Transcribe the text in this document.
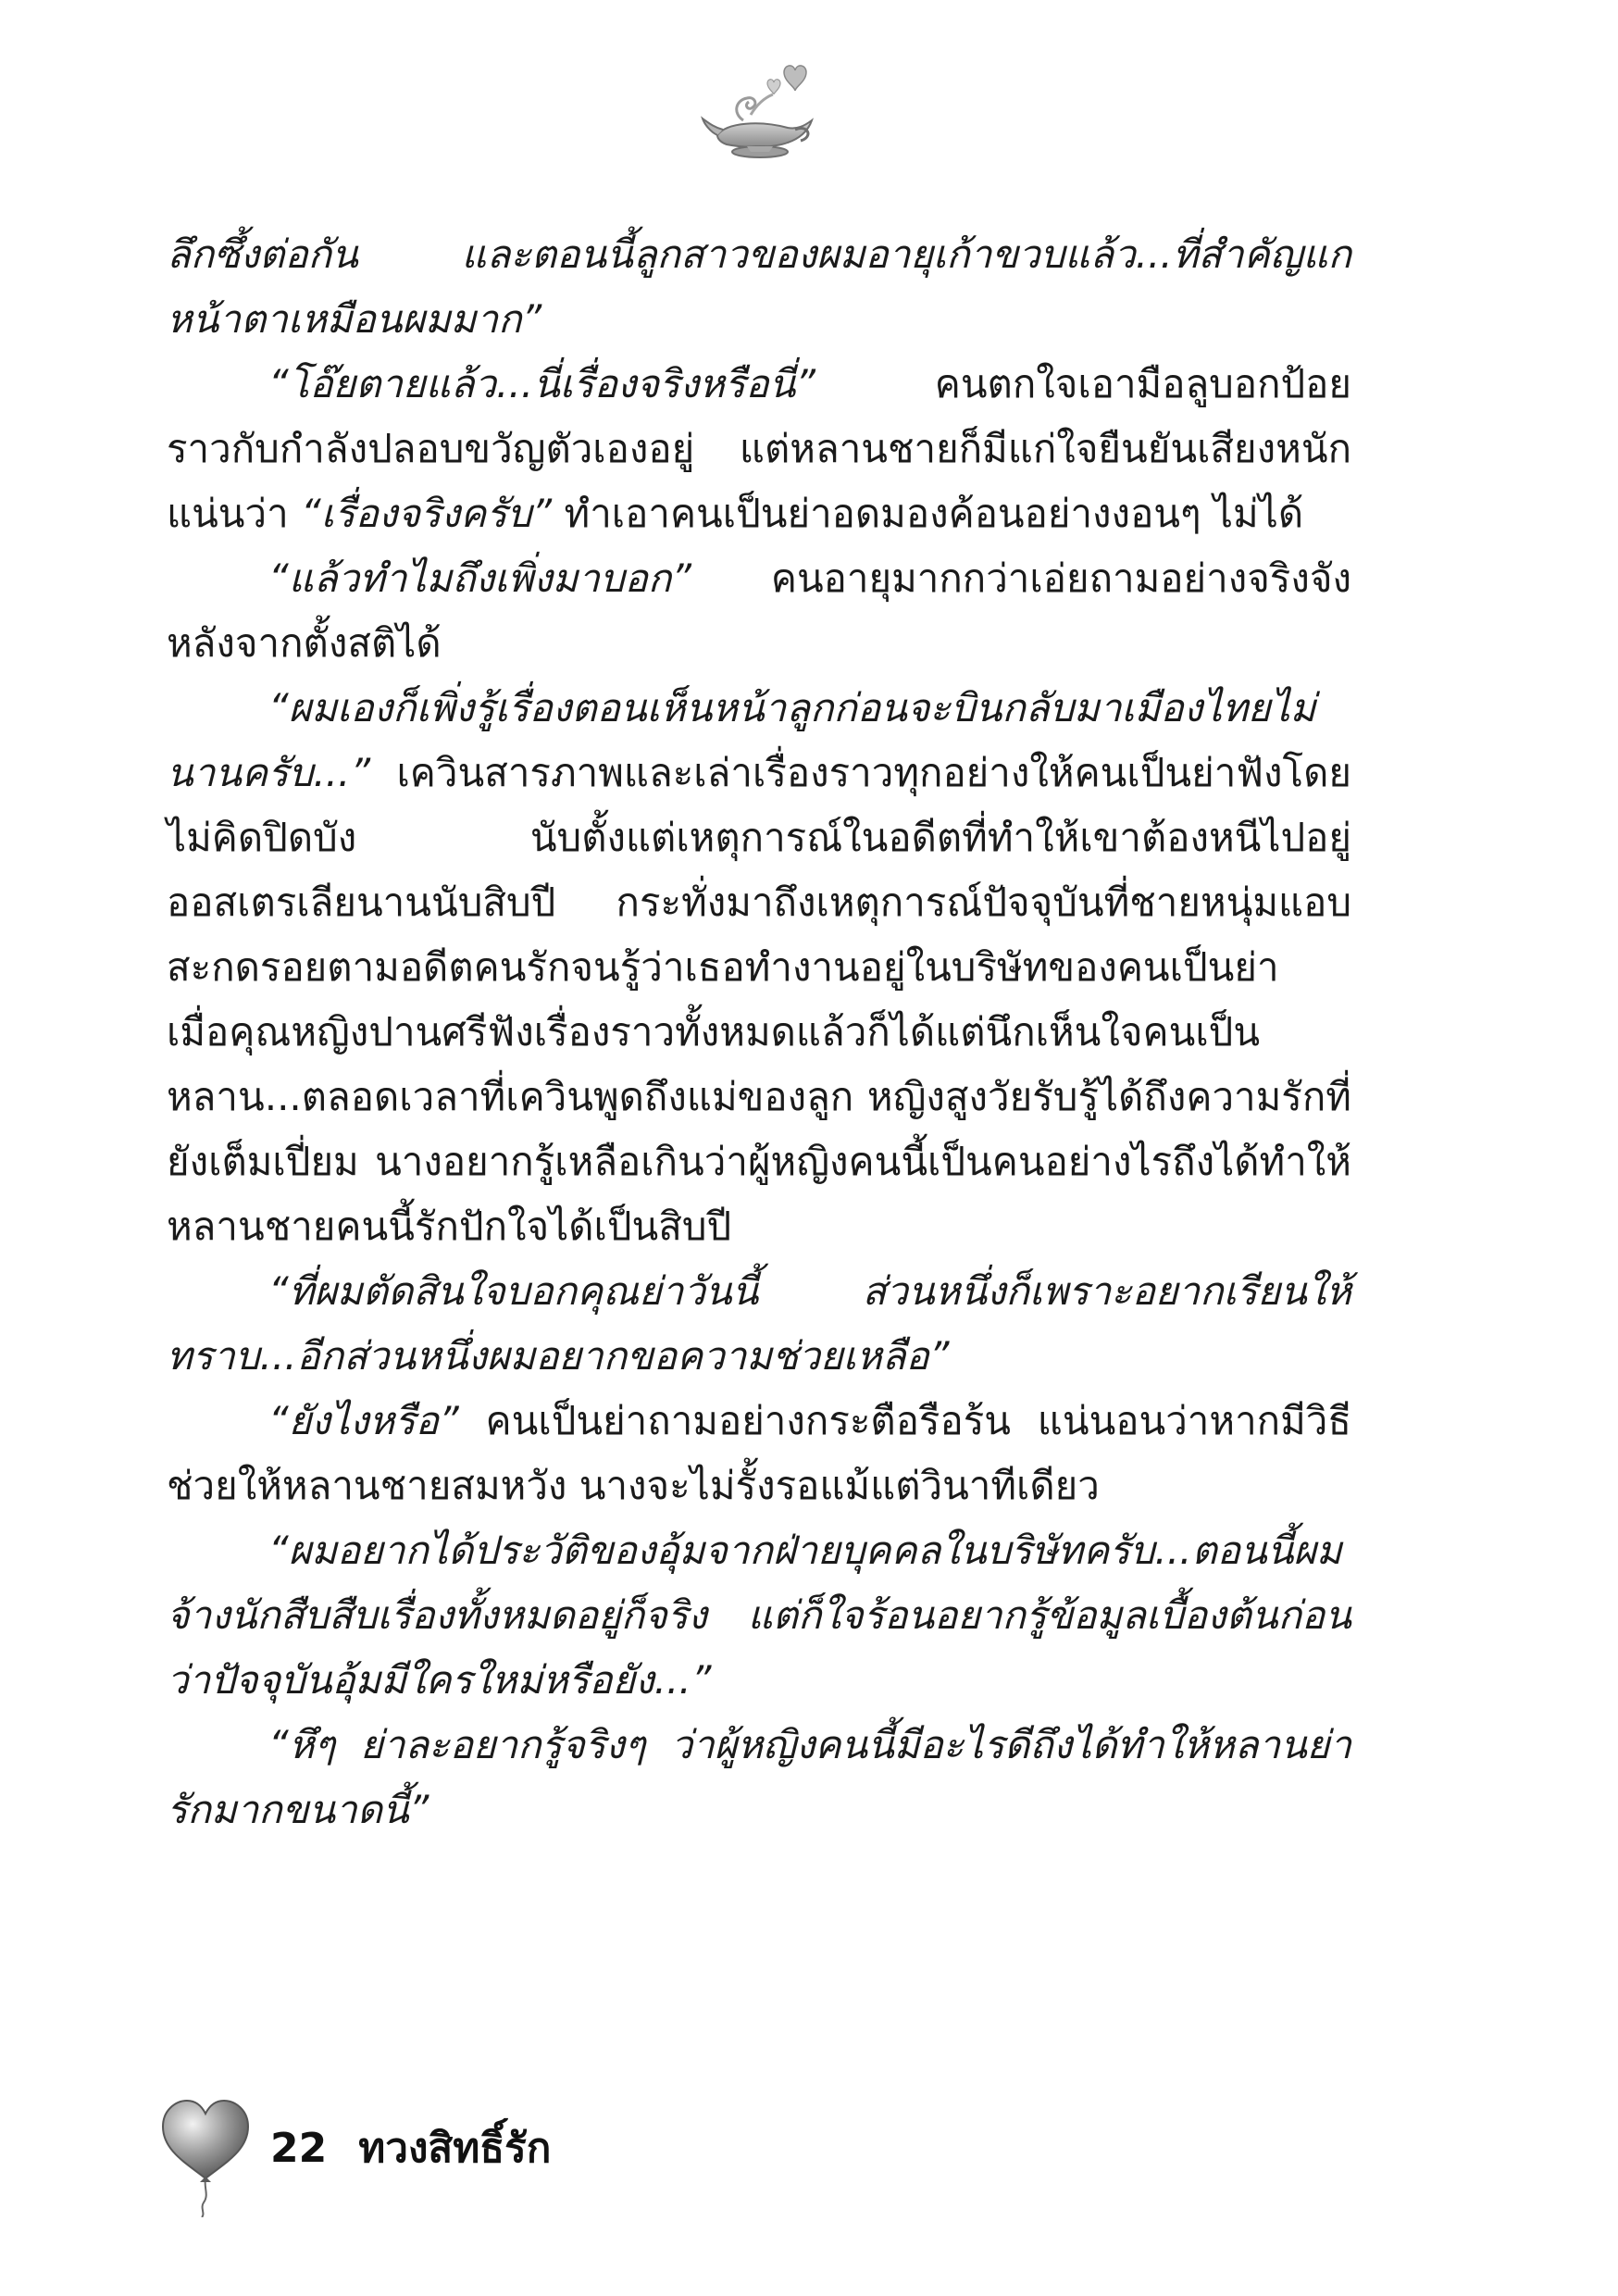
ลึกซึ้งต่อกัน และตอนนี้ลูกสาวของผมอายุเก้าขวบแล้ว...ที่สำคัญแกหน้าตาเหมือนผมมาก”

“โอ๊ยตายแล้ว...นี่เรื่องจริงหรือนี่” คนตกใจเอามือลูบอกป้อยราวกับกำลังปลอบขวัญตัวเองอยู่ แต่หลานชายก็มีแก่ใจยืนยันเสียงหนักแน่นว่า “เรื่องจริงครับ” ทำเอาคนเป็นย่าอดมองค้อนอย่างงอนๆ ไม่ได้

“แล้วทำไมถึงเพิ่งมาบอก” คนอายุมากกว่าเอ่ยถามอย่างจริงจังหลังจากตั้งสติได้

“ผมเองก็เพิ่งรู้เรื่องตอนเห็นหน้าลูกก่อนจะบินกลับมาเมืองไทยไม่นานครับ...” เควินสารภาพและเล่าเรื่องราวทุกอย่างให้คนเป็นย่าฟังโดยไม่คิดปิดบัง นับตั้งแต่เหตุการณ์ในอดีตที่ทำให้เขาต้องหนีไปอยู่ออสเตรเลียนานนับสิบปี กระทั่งมาถึงเหตุการณ์ปัจจุบันที่ชายหนุ่มแอบสะกดรอยตามอดีตคนรักจนรู้ว่าเธอทำงานอยู่ในบริษัทของคนเป็นย่า เมื่อคุณหญิงปานศรีฟังเรื่องราวทั้งหมดแล้วก็ได้แต่นึกเห็นใจคนเป็นหลาน...ตลอดเวลาที่เควินพูดถึงแม่ของลูก หญิงสูงวัยรับรู้ได้ถึงความรักที่ยังเต็มเปี่ยม นางอยากรู้เหลือเกินว่าผู้หญิงคนนี้เป็นคนอย่างไรถึงได้ทำให้หลานชายคนนี้รักปักใจได้เป็นสิบปี

“ที่ผมตัดสินใจบอกคุณย่าวันนี้ ส่วนหนึ่งก็เพราะอยากเรียนให้ทราบ...อีกส่วนหนึ่งผมอยากขอความช่วยเหลือ”

“ยังไงหรือ” คนเป็นย่าถามอย่างกระตือรือร้น แน่นอนว่าหากมีวิธีช่วยให้หลานชายสมหวัง นางจะไม่รั้งรอแม้แต่วินาทีเดียว

“ผมอยากได้ประวัติของอุ้มจากฝ่ายบุคคลในบริษัทครับ...ตอนนี้ผมจ้างนักสืบสืบเรื่องทั้งหมดอยู่ก็จริง แต่ก็ใจร้อนอยากรู้ข้อมูลเบื้องต้นก่อนว่าปัจจุบันอุ้มมีใครใหม่หรือยัง...”

“หึๆ ย่าละอยากรู้จริงๆ ว่าผู้หญิงคนนี้มีอะไรดีถึงได้ทำให้หลานย่ารักมากขนาดนี้”

22 ทวงสิทธิ์รัก
